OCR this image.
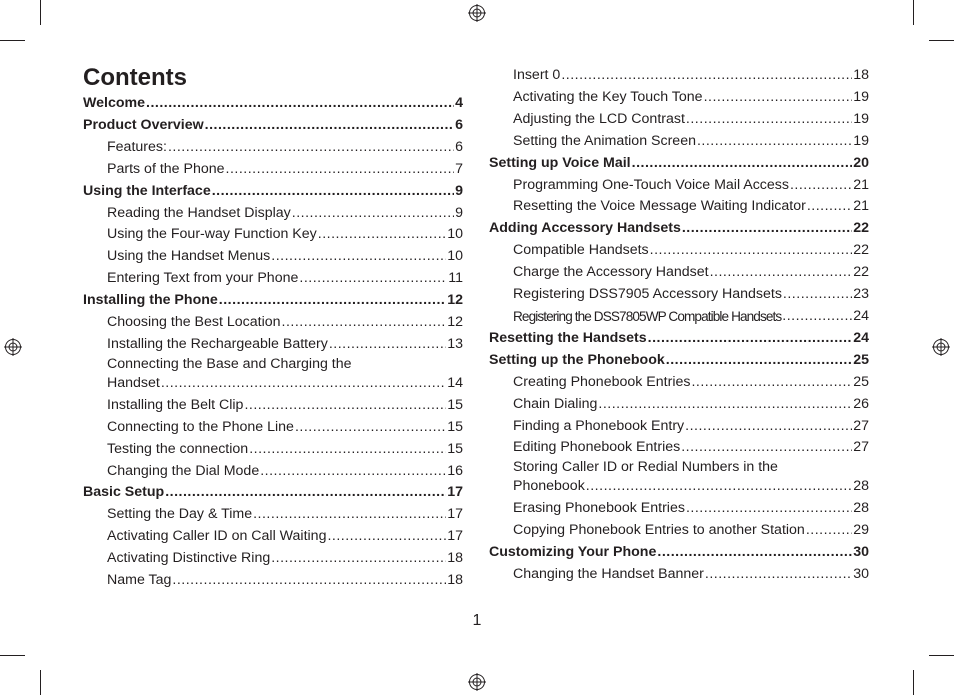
Contents
Welcome .....	4
Product Overview .....	6
Features: .....	6
Parts of the Phone .....	7
Using the Interface .....	9
Reading the Handset Display .....	9
Using the Four-way Function Key .....	10
Using the Handset Menus .....	10
Entering Text from your Phone .....	11
Installing the Phone .....	12
Choosing the Best Location .....	12
Installing the Rechargeable Battery .....	13
Connecting the Base and Charging the
Handset .....	14
Installing the Belt Clip .....	15
Connecting to the Phone Line .....	15
Testing the connection .....	15
Changing the Dial Mode .....	16
Basic Setup .....	17
Setting the Day & Time .....	17
Activating Caller ID on Call Waiting .....	17
Activating Distinctive Ring .....	18
Name Tag .....	18
Insert 0 .....	18
Activating the Key Touch Tone .....	19
Adjusting the LCD Contrast .....	19
Setting the Animation Screen .....	19
Setting up Voice Mail .....	20
Programming One-Touch Voice Mail Access .....	21
Resetting the Voice Message Waiting Indicator .....	21
Adding Accessory Handsets .....	22
Compatible Handsets .....	22
Charge the Accessory Handset .....	22
Registering DSS7905 Accessory Handsets .....	23
Registering the DSS7805WP Compatible Handsets .....	24
Resetting the Handsets .....	24
Setting up the Phonebook .....	25
Creating Phonebook Entries .....	25
Chain Dialing .....	26
Finding a Phonebook Entry .....	27
Editing Phonebook Entries .....	27
Storing Caller ID or Redial Numbers in the
Phonebook .....	28
Erasing Phonebook Entries .....	28
Copying Phonebook Entries to another Station .....	29
Customizing Your Phone .....	30
Changing the Handset Banner .....	30
1
